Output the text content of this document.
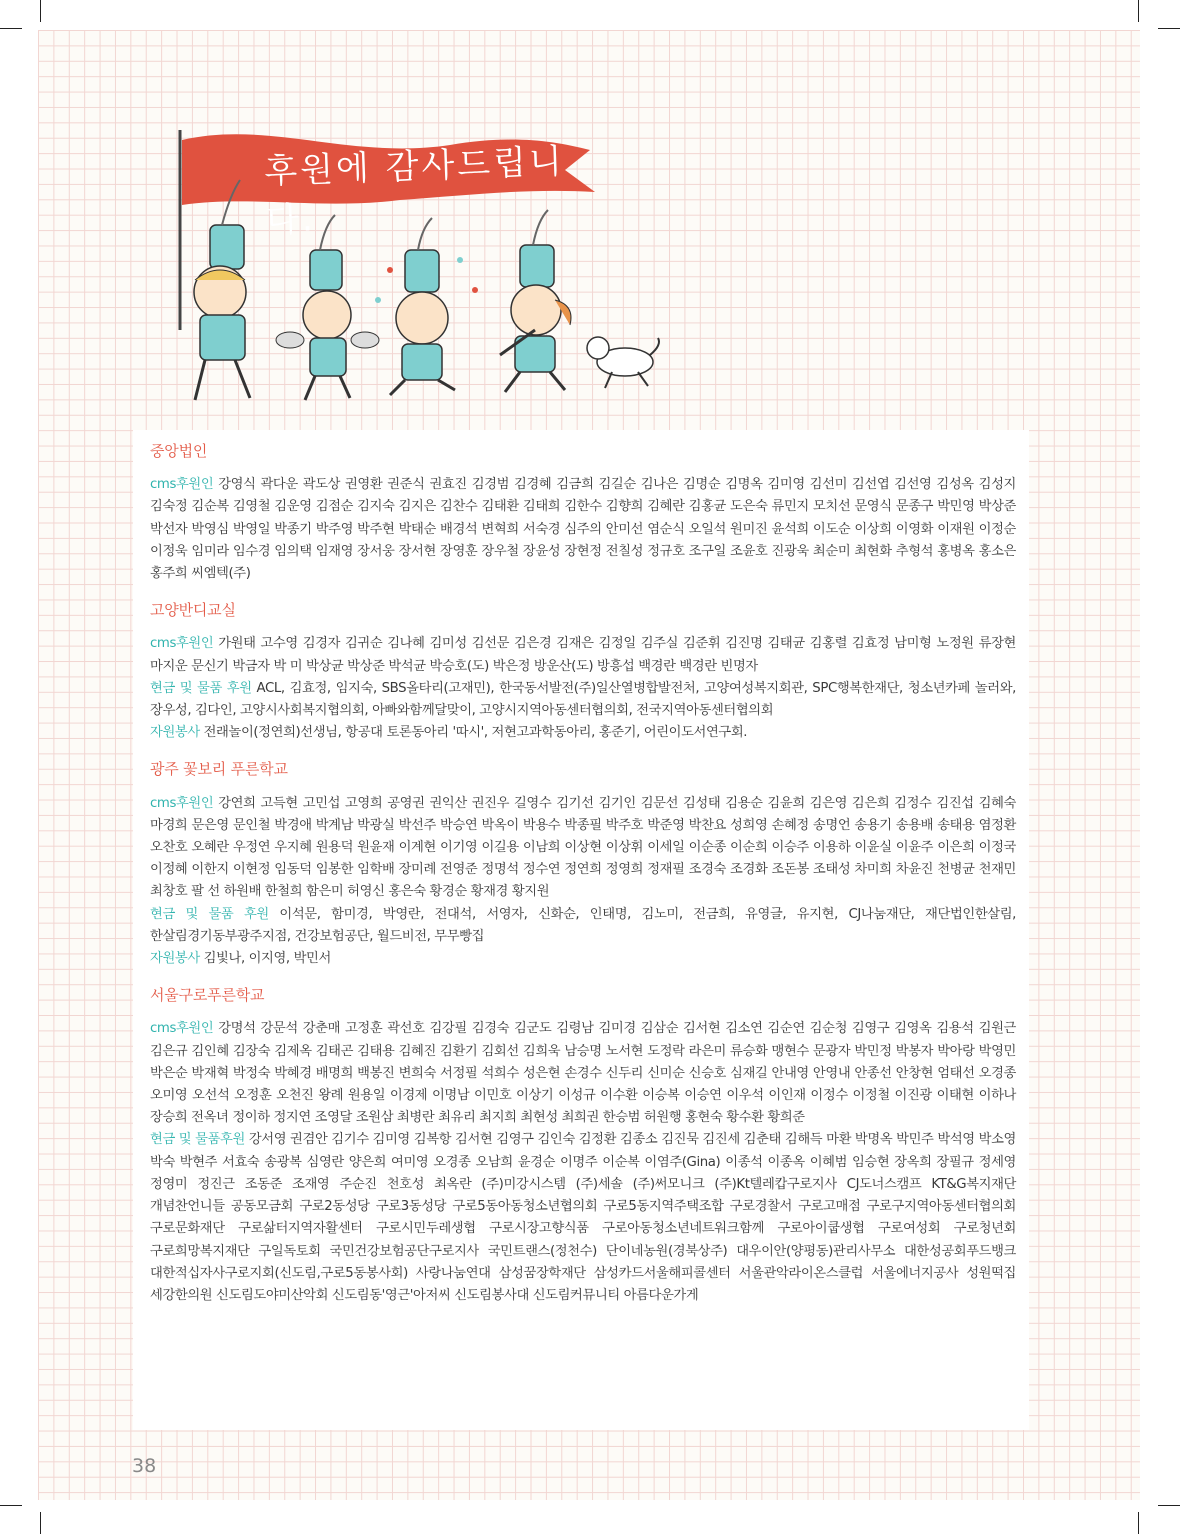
후원에 감사드립니다.
중앙법인

cms후원인 강영식 곽다운 곽도상 권영환 권준식 권효진 김경범 김경혜 김금희 김길순 김나은 김명순 김명옥 김미영 김선미 김선엽 김선영 김성옥 김성지 김숙정 김순복 김영철 김운영 김점순 김지숙 김지은 김찬수 김태환 김태희 김한수 김향희 김혜란 김홍균 도은숙 류민지 모치선 문영식 문종구 박민영 박상준 박선자 박영심 박영일 박종기 박주영 박주현 박태순 배경석 변혁희 서숙경 심주의 안미선 염순식 오일석 원미진 윤석희 이도순 이상희 이영화 이재원 이정순 이정욱 임미라 임수경 임의택 임재영 장서웅 장서현 장영훈 장우철 장윤성 장현정 전칠성 정규호 조구일 조윤호 진광욱 최순미 최현화 추형석 홍병옥 홍소은 홍주희 씨엠텍(주)

고양반디교실

cms후원인 가원태 고수영 김경자 김귀순 김나혜 김미성 김선문 김은경 김재은 김정일 김주실 김준휘 김진명 김태균 김홍렬 김효정 남미형 노정원 류장현 마지운 문신기 박금자 박 미 박상균 박상준 박석균 박승호(도) 박은정 방운산(도) 방흥섭 백경란 백경란 빈명자

현금 및 물품 후원 ACL, 김효정, 임지숙, SBS올타리(고재민), 한국동서발전(주)일산열병합발전처, 고양여성복지회관, SPC행복한재단, 청소년카페 놀러와, 장우성, 김다인, 고양시사회복지협의회, 아빠와함께달맞이, 고양시지역아동센터협의회, 전국지역아동센터협의회

자원봉사 전래놀이(정연희)선생님, 항공대 토론동아리 '따시', 저현고과학동아리, 홍준기, 어린이도서연구회.

광주 꽃보리 푸른학교

cms후원인 강연희 고득현 고민섭 고영희 공영권 권익산 권진우 길영수 김기선 김기인 김문선 김성태 김용순 김윤희 김은영 김은희 김정수 김진섭 김혜숙 마경희 문은영 문인철 박경애 박계남 박광실 박선주 박승연 박옥이 박용수 박종필 박주호 박준영 박찬요 성희영 손혜정 송명언 송용기 송용배 송태용 염정환 오찬호 오혜란 우정연 우지혜 원용덕 원윤재 이계현 이기영 이길용 이남희 이상현 이상휘 이세일 이순종 이순희 이승주 이용하 이윤실 이윤주 이은희 이정국 이정혜 이한지 이현정 임동덕 임봉한 임학배 장미례 전영준 정명석 정수연 정연희 정영희 정재필 조경숙 조경화 조돈봉 조태성 차미희 차윤진 천병균 천재민 최창호 팔 선 하원배 한철희 함은미 허영신 홍은숙 황경순 황재경 황지원

현금 및 물품 후원 이석문, 함미경, 박영란, 전대석, 서영자, 신화순, 인태명, 김노미, 전금희, 유영글, 유지현, CJ나눔재단, 재단법인한살림, 한살림경기동부광주지점, 건강보험공단, 월드비전, 무무빵집

자원봉사 김빛나, 이지영, 박민서

서울구로푸른학교

cms후원인 강명석 강문석 강춘매 고정훈 곽선호 김강필 김경숙 김군도 김령남 김미경 김삼순 김서현 김소연 김순연 김순청 김영구 김영옥 김용석 김원근 김은규 김인혜 김장숙 김제옥 김태곤 김태용 김혜진 김환기 김회선 김희욱 남승명 노서현 도정락 라은미 류승화 맹현수 문광자 박민정 박봉자 박아랑 박영민 박은순 박재혁 박정숙 박혜경 배명희 백봉진 변희숙 서정필 석희수 성은현 손경수 신두리 신미순 신승호 심재길 안내영 안영내 안종선 안창현 엄태선 오경종 오미영 오선석 오정훈 오천진 왕례 원용일 이경제 이명남 이민호 이상기 이성규 이수환 이승복 이승연 이우석 이인재 이정수 이정철 이진광 이태현 이하나 장승희 전옥녀 정이하 정지연 조영달 조원삼 최병란 최유리 최지희 최현성 최희권 한승범 허원행 홍현숙 황수환 황희준

현금 및 물품후원 강서영 권겸안 김기수 김미영 김복항 김서현 김영구 김인숙 김정환 김종소 김진묵 김진세 김춘태 김해득 마환 박명옥 박민주 박석영 박소영 박숙 박현주 서효숙 송광복 심영란 양은희 여미영 오경종 오남희 윤경순 이명주 이순복 이염주(Gina) 이종석 이종옥 이혜범 임승현 장옥희 장필규 정세영 정영미 정진근 조동준 조재영 주순진 천호성 최옥란 (주)미강시스템 (주)세솔 (주)써모니크 (주)Kt텔레캅구로지사 CJ도너스캠프 KT&G복지재단 개념찬언니들 공동모금회 구로2동성당 구로3동성당 구로5동아동청소년협의회 구로5동지역주택조합 구로경찰서 구로고매점 구로구지역아동센터협의회 구로문화재단 구로삶터지역자활센터 구로시민두레생협 구로시장고향식품 구로아동청소년네트워크함께 구로아이쿱생협 구로여성회 구로청년회 구로희망복지재단 구일독토회 국민건강보험공단구로지사 국민트랜스(정천수) 단이네농원(경북상주) 대우이안(양평동)관리사무소 대한성공회푸드뱅크 대한적십자사구로지회(신도림,구로5동봉사회) 사랑나눔연대 삼성꿈장학재단 삼성카드서울해피콜센터 서울관악라이온스클럽 서울에너지공사 성원떡집 세강한의원 신도림도야미산악회 신도림동'영근'아저씨 신도림봉사대 신도림커뮤니티 아름다운가게

38
